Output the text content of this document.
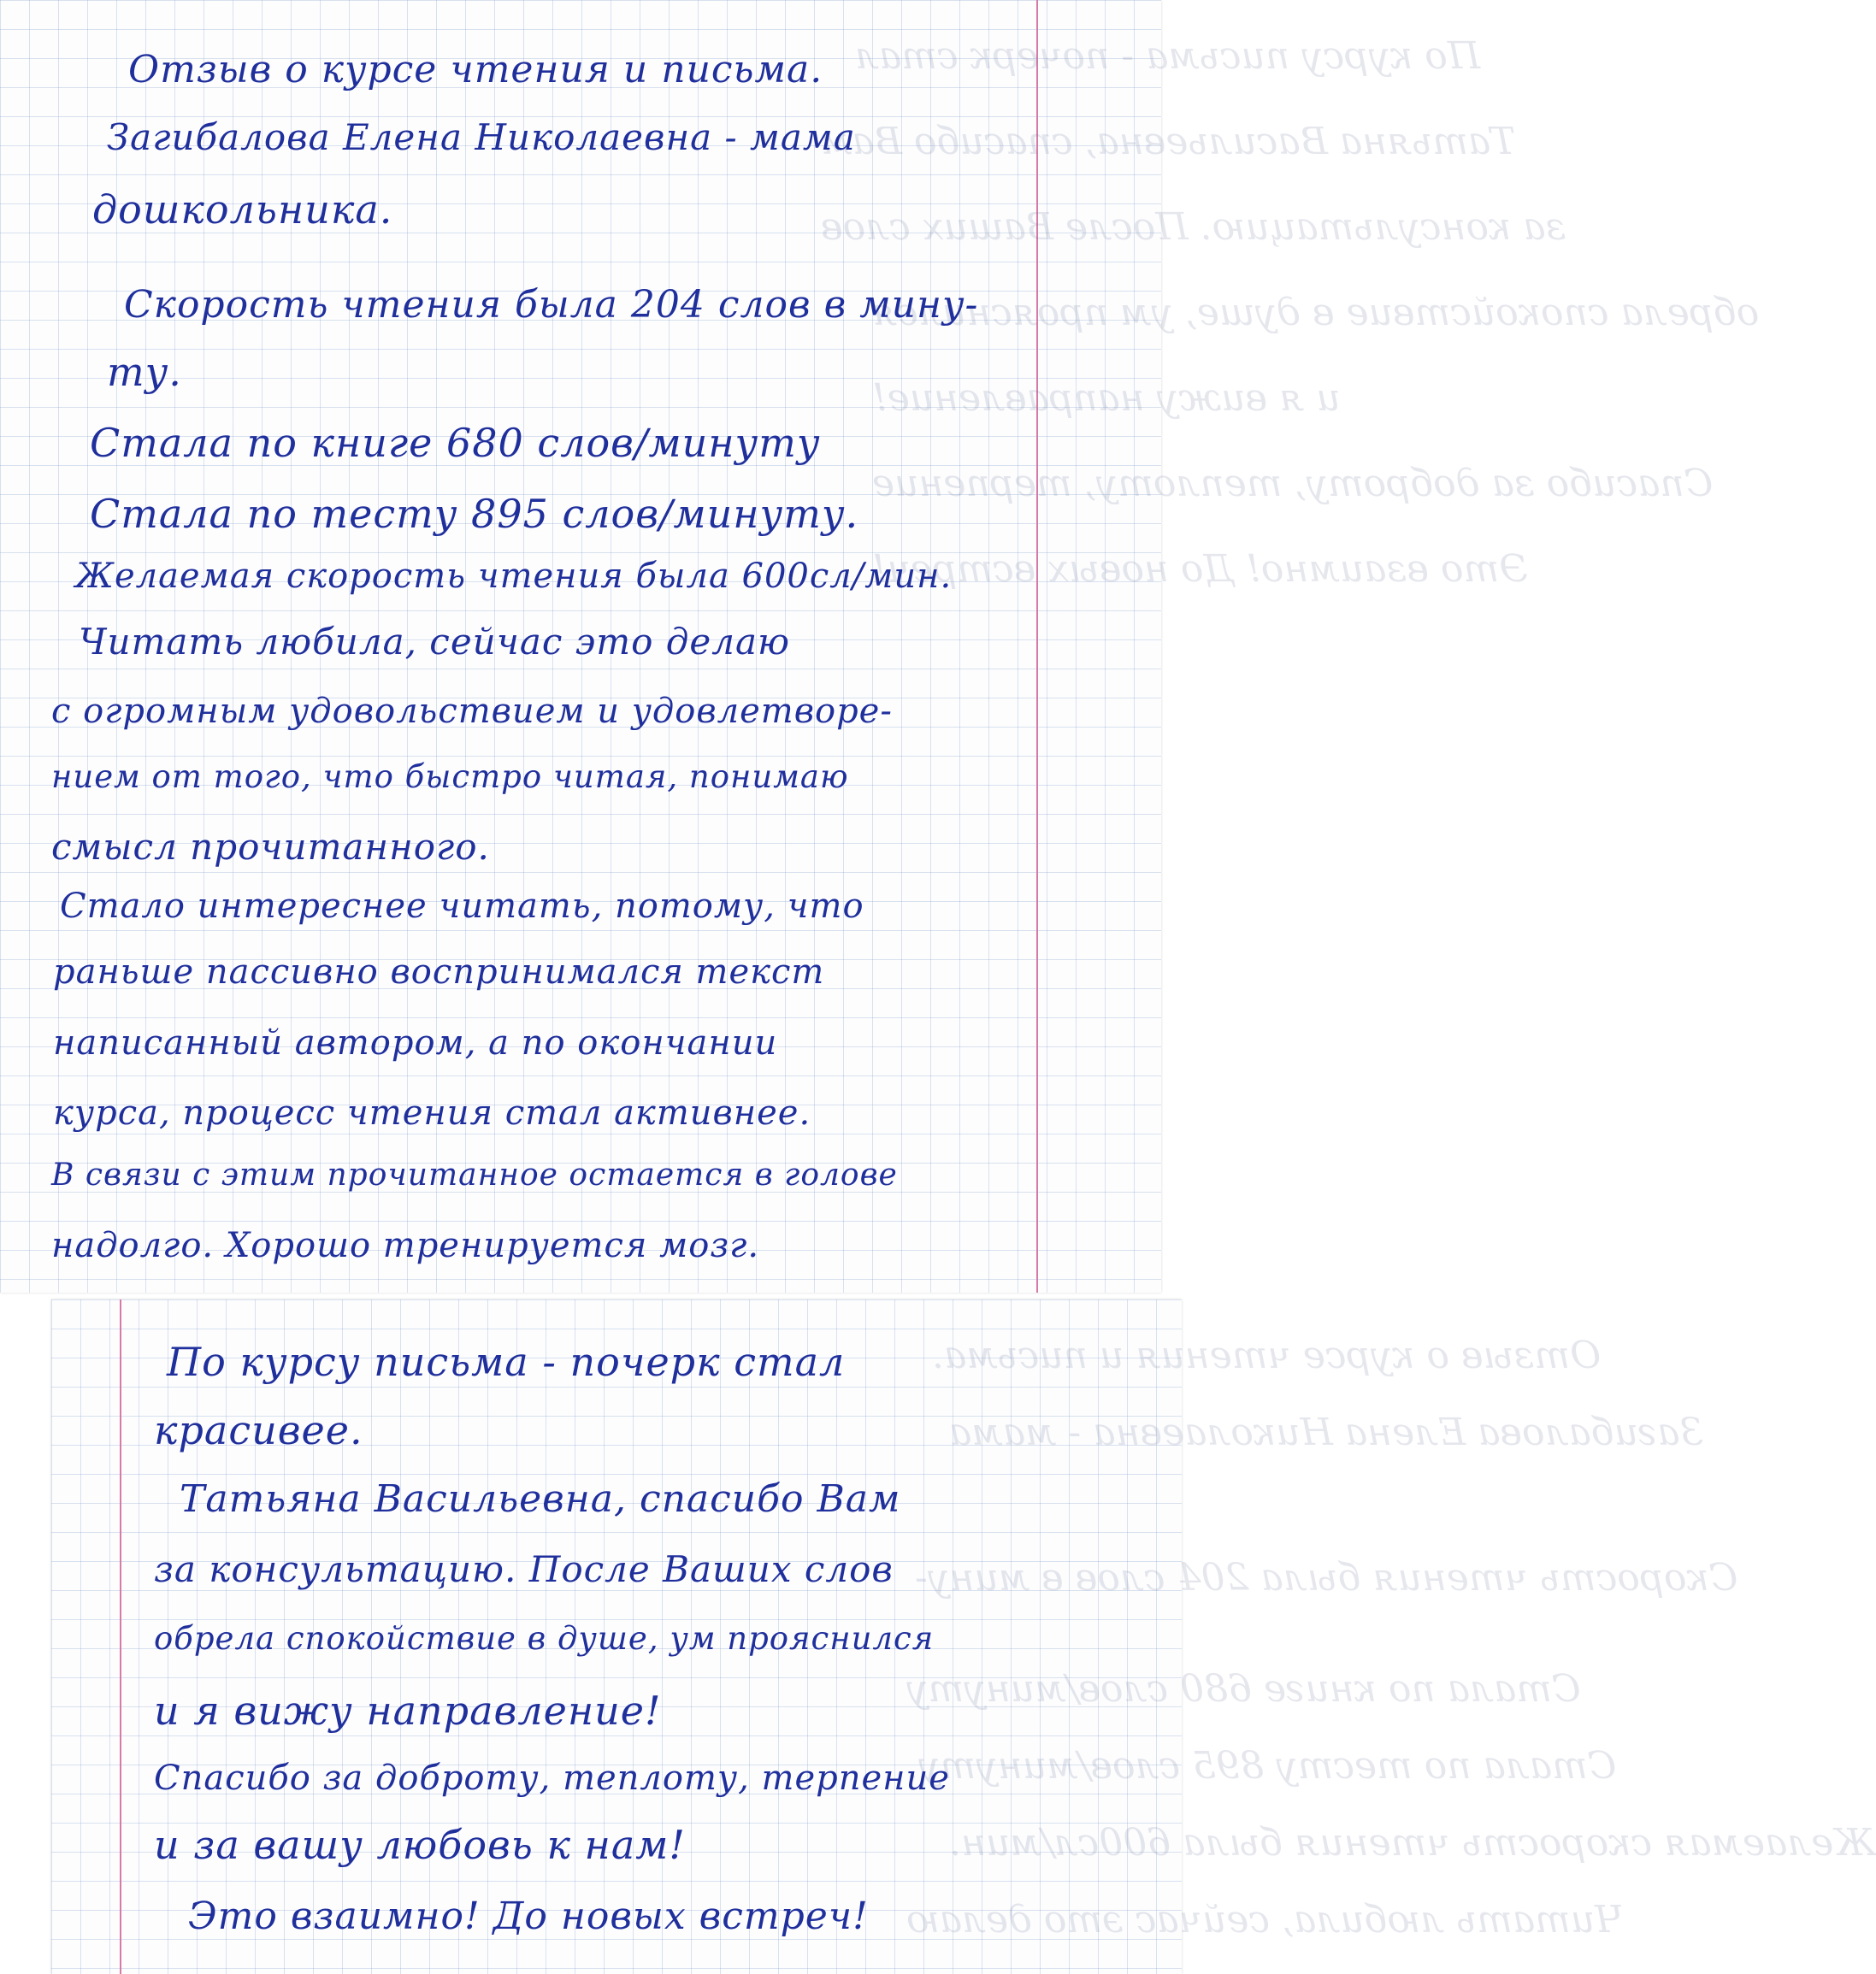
По курсу письма - почерк стал
Татьяна Васильевна, спасибо Вам
за консультацию. После Ваших слов
обрела спокойствие в душе, ум прояснился
и я вижу направление!
Спасибо за доброту, теплоту, терпение
Это взаимно! До новых встреч!
Отзыв о курсе чтения и письма.
Загибалова Елена Николаевна - мама
дошкольника.
Скорость чтения была 204 слов в мину-
ту.
Стала по книге 680 слов/минуту
Стала по тесту 895 слов/минуту.
Желаемая скорость чтения была 600сл/мин.
Читать любила, сейчас это делаю
с огромным удовольствием и удовлетворе-
нием от того, что быстро читая, понимаю
смысл прочитанного.
Стало интереснее читать, потому, что
раньше пассивно воспринимался текст
написанный автором, а по окончании
курса, процесс чтения стал активнее.
В связи с этим прочитанное остается в голове
надолго. Хорошо тренируется мозг.
Отзыв о курсе чтения и письма.
Загибалова Елена Николаевна - мама
Скорость чтения была 204 слов в мину-
Стала по книге 680 слов/минуту
Стала по тесту 895 слов/минуту.
Желаемая скорость чтения была 600сл/мин.
Читать любила, сейчас это делаю
По курсу письма - почерк стал
красивее.
Татьяна Васильевна, спасибо Вам
за консультацию. После Ваших слов
обрела спокойствие в душе, ум прояснился
и я вижу направление!
Спасибо за доброту, теплоту, терпение
и за вашу любовь к нам!
Это взаимно! До новых встреч!
